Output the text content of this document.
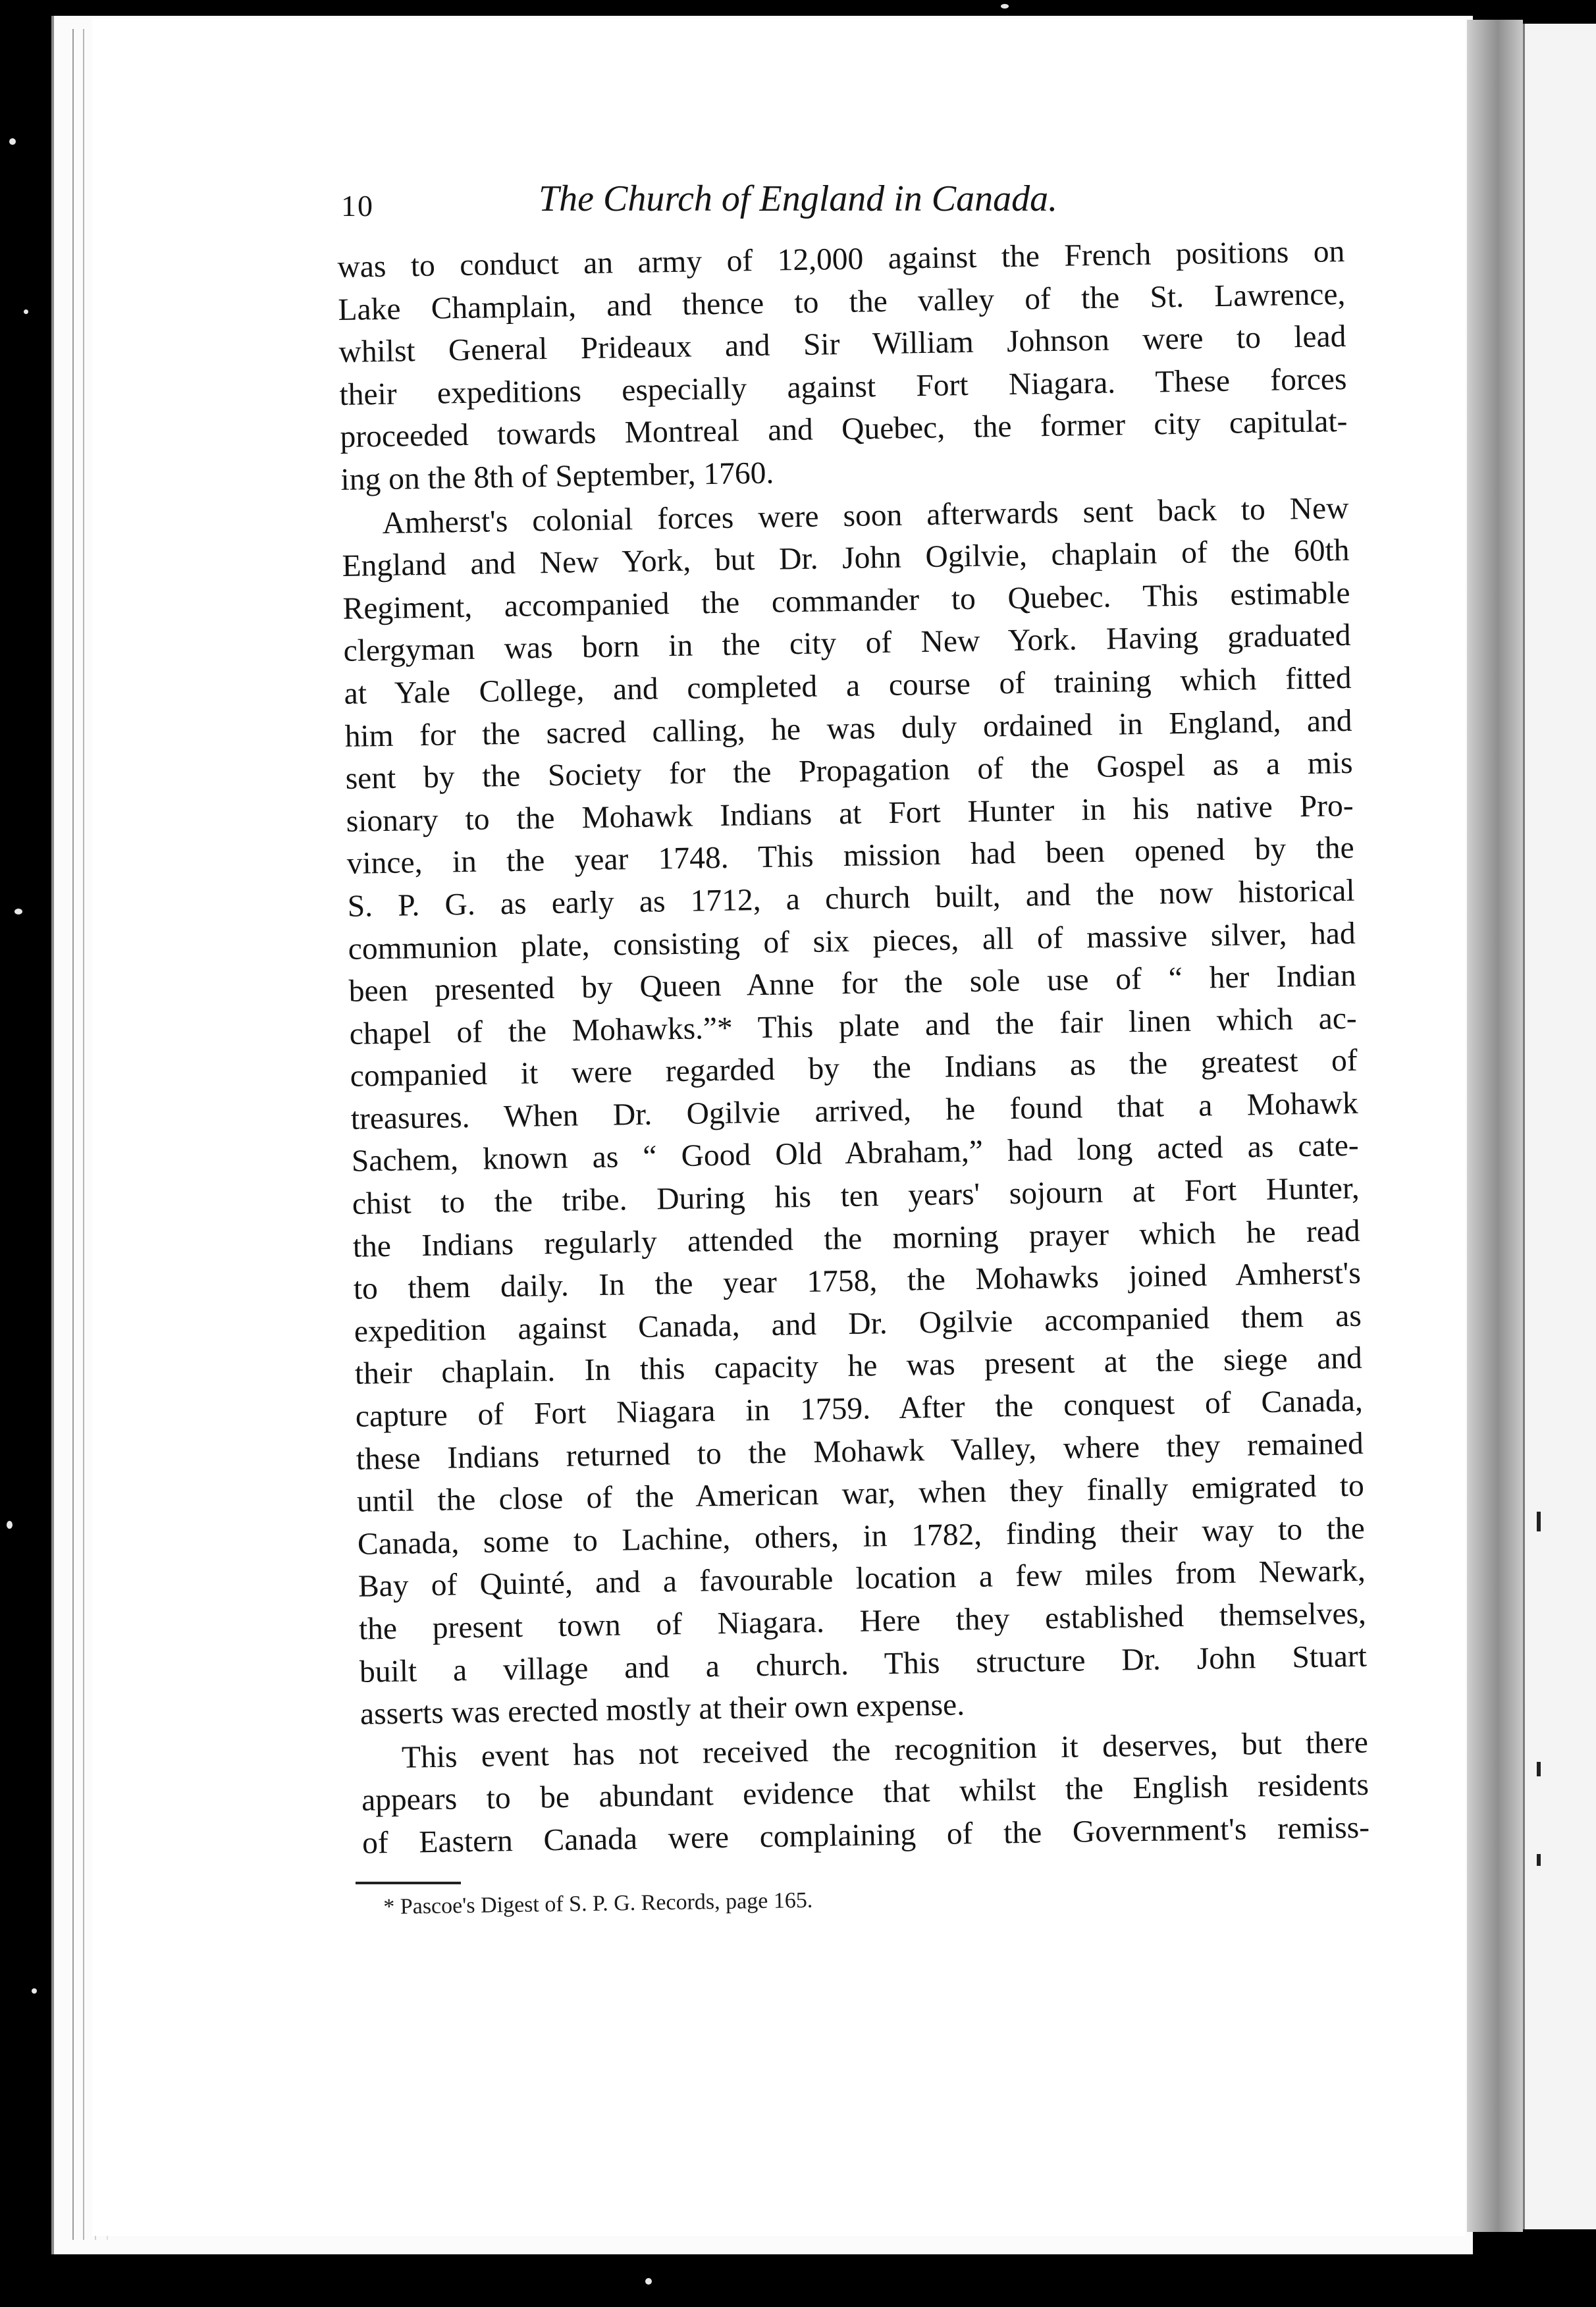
10	The Church of England in Canada.
was to conduct an army of 12,000 against the French positions on
Lake Champlain, and thence to the valley of the St. Lawrence,
whilst General Prideaux and Sir William Johnson were to lead
their expeditions especially against Fort Niagara. These forces
proceeded towards Montreal and Quebec, the former city capitulat-
ing on the 8th of September, 1760.
Amherst's colonial forces were soon afterwards sent back to New
England and New York, but Dr. John Ogilvie, chaplain of the 60th
Regiment, accompanied the commander to Quebec. This estimable
clergyman was born in the city of New York. Having graduated
at Yale College, and completed a course of training which fitted
him for the sacred calling, he was duly ordained in England, and
sent by the Society for the Propagation of the Gospel as a mis
sionary to the Mohawk Indians at Fort Hunter in his native Pro-
vince, in the year 1748. This mission had been opened by the
S. P. G. as early as 1712, a church built, and the now historical
communion plate, consisting of six pieces, all of massive silver, had
been presented by Queen Anne for the sole use of “ her Indian
chapel of the Mohawks.”* This plate and the fair linen which ac-
companied it were regarded by the Indians as the greatest of
treasures. When Dr. Ogilvie arrived, he found that a Mohawk
Sachem, known as “ Good Old Abraham,” had long acted as cate-
chist to the tribe. During his ten years' sojourn at Fort Hunter,
the Indians regularly attended the morning prayer which he read
to them daily. In the year 1758, the Mohawks joined Amherst's
expedition against Canada, and Dr. Ogilvie accompanied them as
their chaplain. In this capacity he was present at the siege and
capture of Fort Niagara in 1759. After the conquest of Canada,
these Indians returned to the Mohawk Valley, where they remained
until the close of the American war, when they finally emigrated to
Canada, some to Lachine, others, in 1782, finding their way to the
Bay of Quinté, and a favourable location a few miles from Newark,
the present town of Niagara. Here they established themselves,
built a village and a church. This structure Dr. John Stuart
asserts was erected mostly at their own expense.
This event has not received the recognition it deserves, but there
appears to be abundant evidence that whilst the English residents
of Eastern Canada were complaining of the Government's remiss-
* Pascoe's Digest of S. P. G. Records, page 165.
